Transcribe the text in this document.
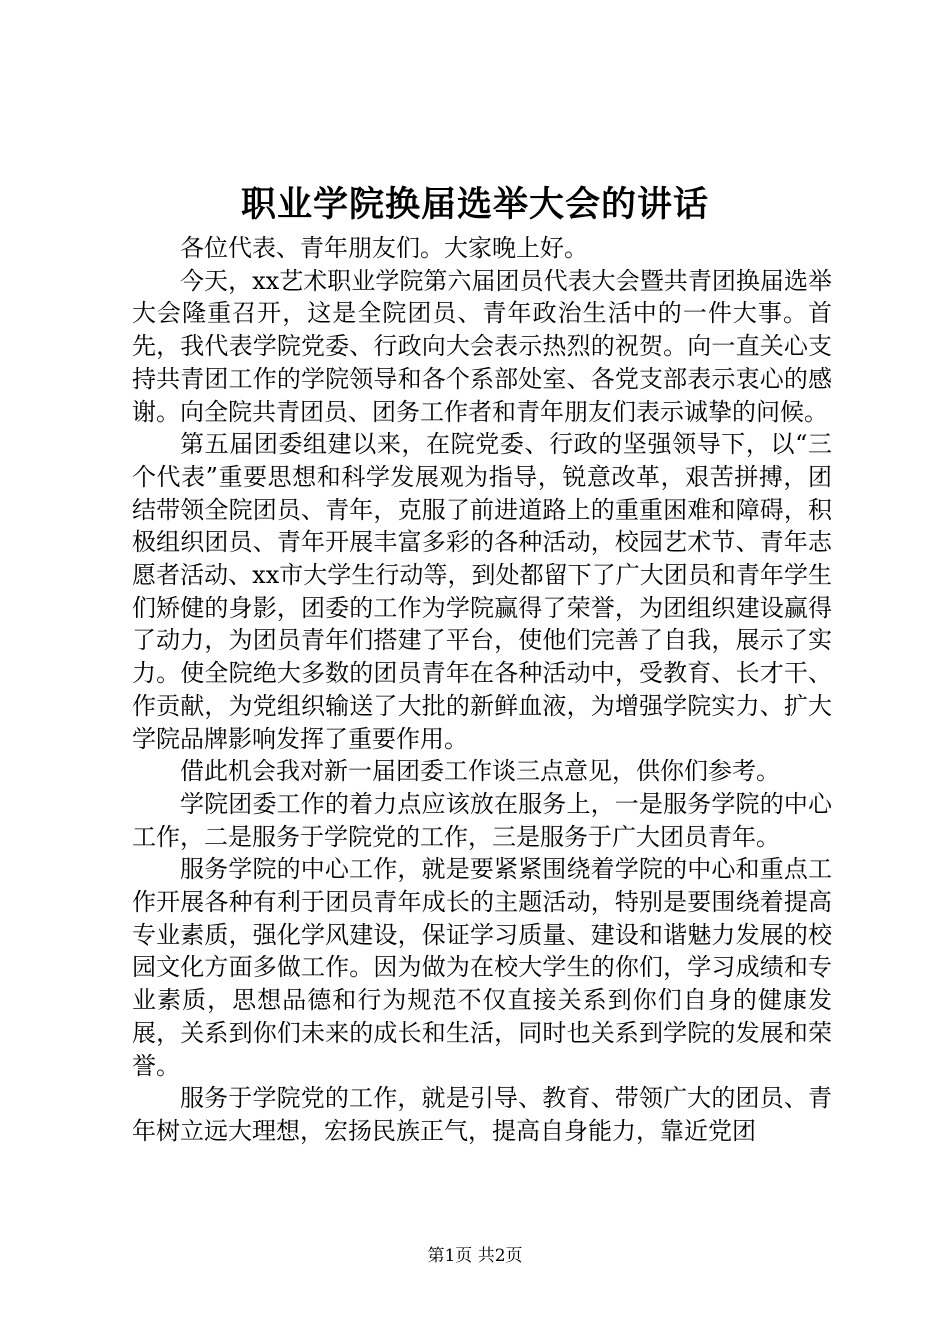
职业学院换届选举大会的讲话

各位代表、青年朋友们。大家晚上好。

今天，xx艺术职业学院第六届团员代表大会暨共青团换届选举大会隆重召开，这是全院团员、青年政治生活中的一件大事。首先，我代表学院党委、行政向大会表示热烈的祝贺。向一直关心支持共青团工作的学院领导和各个系部处室、各党支部表示衷心的感谢。向全院共青团员、团务工作者和青年朋友们表示诚挚的问候。

第五届团委组建以来，在院党委、行政的坚强领导下，以“三个代表”重要思想和科学发展观为指导，锐意改革，艰苦拼搏，团结带领全院团员、青年，克服了前进道路上的重重困难和障碍，积极组织团员、青年开展丰富多彩的各种活动，校园艺术节、青年志愿者活动、xx市大学生行动等，到处都留下了广大团员和青年学生们矫健的身影，团委的工作为学院赢得了荣誉，为团组织建设赢得了动力，为团员青年们搭建了平台，使他们完善了自我，展示了实力。使全院绝大多数的团员青年在各种活动中，受教育、长才干、作贡献，为党组织输送了大批的新鲜血液，为增强学院实力、扩大学院品牌影响发挥了重要作用。

借此机会我对新一届团委工作谈三点意见，供你们参考。

学院团委工作的着力点应该放在服务上，一是服务学院的中心工作，二是服务于学院党的工作，三是服务于广大团员青年。

服务学院的中心工作，就是要紧紧围绕着学院的中心和重点工作开展各种有利于团员青年成长的主题活动，特别是要围绕着提高专业素质，强化学风建设，保证学习质量、建设和谐魅力发展的校园文化方面多做工作。因为做为在校大学生的你们，学习成绩和专业素质，思想品德和行为规范不仅直接关系到你们自身的健康发展，关系到你们未来的成长和生活，同时也关系到学院的发展和荣誉。

服务于学院党的工作，就是引导、教育、带领广大的团员、青年树立远大理想，宏扬民族正气，提高自身能力，靠近党团

第1页 共2页
